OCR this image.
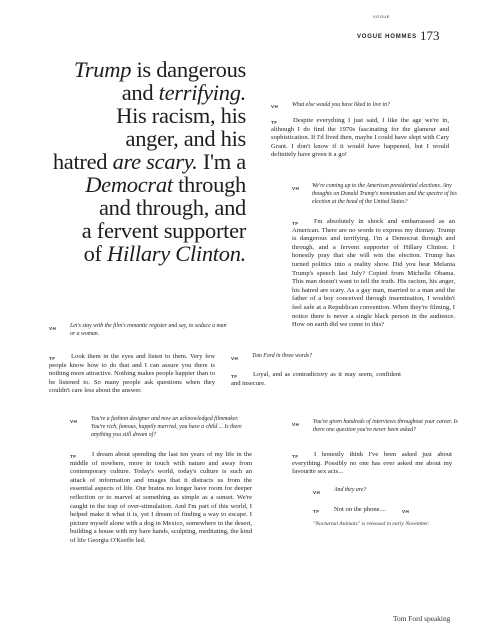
VOGUE
VOGUE HOMMES 173
Trump is dangerous
and terrifying.
His racism, his
anger, and his
hatred are scary. I'm a
Democrat through
and through, and
a fervent supporter
of Hillary Clinton.
VH What else would you have liked to live in?
TF	Despite everything I just said, I like the age we're in, although I do find the 1970s fascinating for the glamour and sophistication. If I'd lived then, maybe I could have slept with Cary Grant. I don't know if it would have happened, but I would definitely have given it a go!
VH We're coming up to the American presidential elections. Any thoughts on Donald Trump's nomination and the spectre of his election at the head of the United States?
TF	I'm absolutely in shock and embarrassed as an American. There are no words to express my dismay. Trump is dangerous and terrifying. I'm a Democrat through and through, and a fervent supporter of Hillary Clinton. I honestly pray that she will win the election. Trump has turned politics into a reality show. Did you hear Melania Trump's speech last July? Copied from Michelle Obama. This man doesn't want to tell the truth. His racism, his anger, his hatred are scary. As a gay man, married to a man and the father of a boy conceived through insemination, I wouldn't feel safe at a Republican convention. When they're filming, I notice there is never a single black person in the audience. How on earth did we come to this?
VH Let's stay with the film's romantic register and say, to seduce a man or a woman.
TF	Look them in the eyes and listen to them. Very few people know how to do that and I can assure you there is nothing more attractive. Nothing makes people happier than to be listened to. So many people ask questions when they couldn't care less about the answer.
VH Tom Ford in three words?
TF	Loyal, and as contradictory as it may seem, confident and insecure.
VH You're a fashion designer and now an acknowledged filmmaker. You're rich, famous, happily married, you have a child ... Is there anything you still dream of?
TF	I dream about spending the last ten years of my life in the middle of nowhere, more in touch with nature and away from contemporary culture. Today's world, today's culture is such an attack of information and images that it distracts us from the essential aspects of life. Our brains no longer have room for deeper reflection or to marvel at something as simple as a sunset. We're caught in the trap of over-stimulation. And I'm part of this world, I helped make it what it is, yet I dream of finding a way to escape. I picture myself alone with a dog in Mexico, somewhere in the desert, building a house with my bare hands, sculpting, meditating, the kind of life Georgia O'Keeffe led.
VH You've given hundreds of interviews throughout your career. Is there one question you've never been asked?
TF	I honestly think I've been asked just about everything. Possibly no one has ever asked me about my favourite sex acts...
VH And they are?
TF Not on the phone....	VH
"Nocturnal Animals" is released in early November.
Tom Ford speaking
